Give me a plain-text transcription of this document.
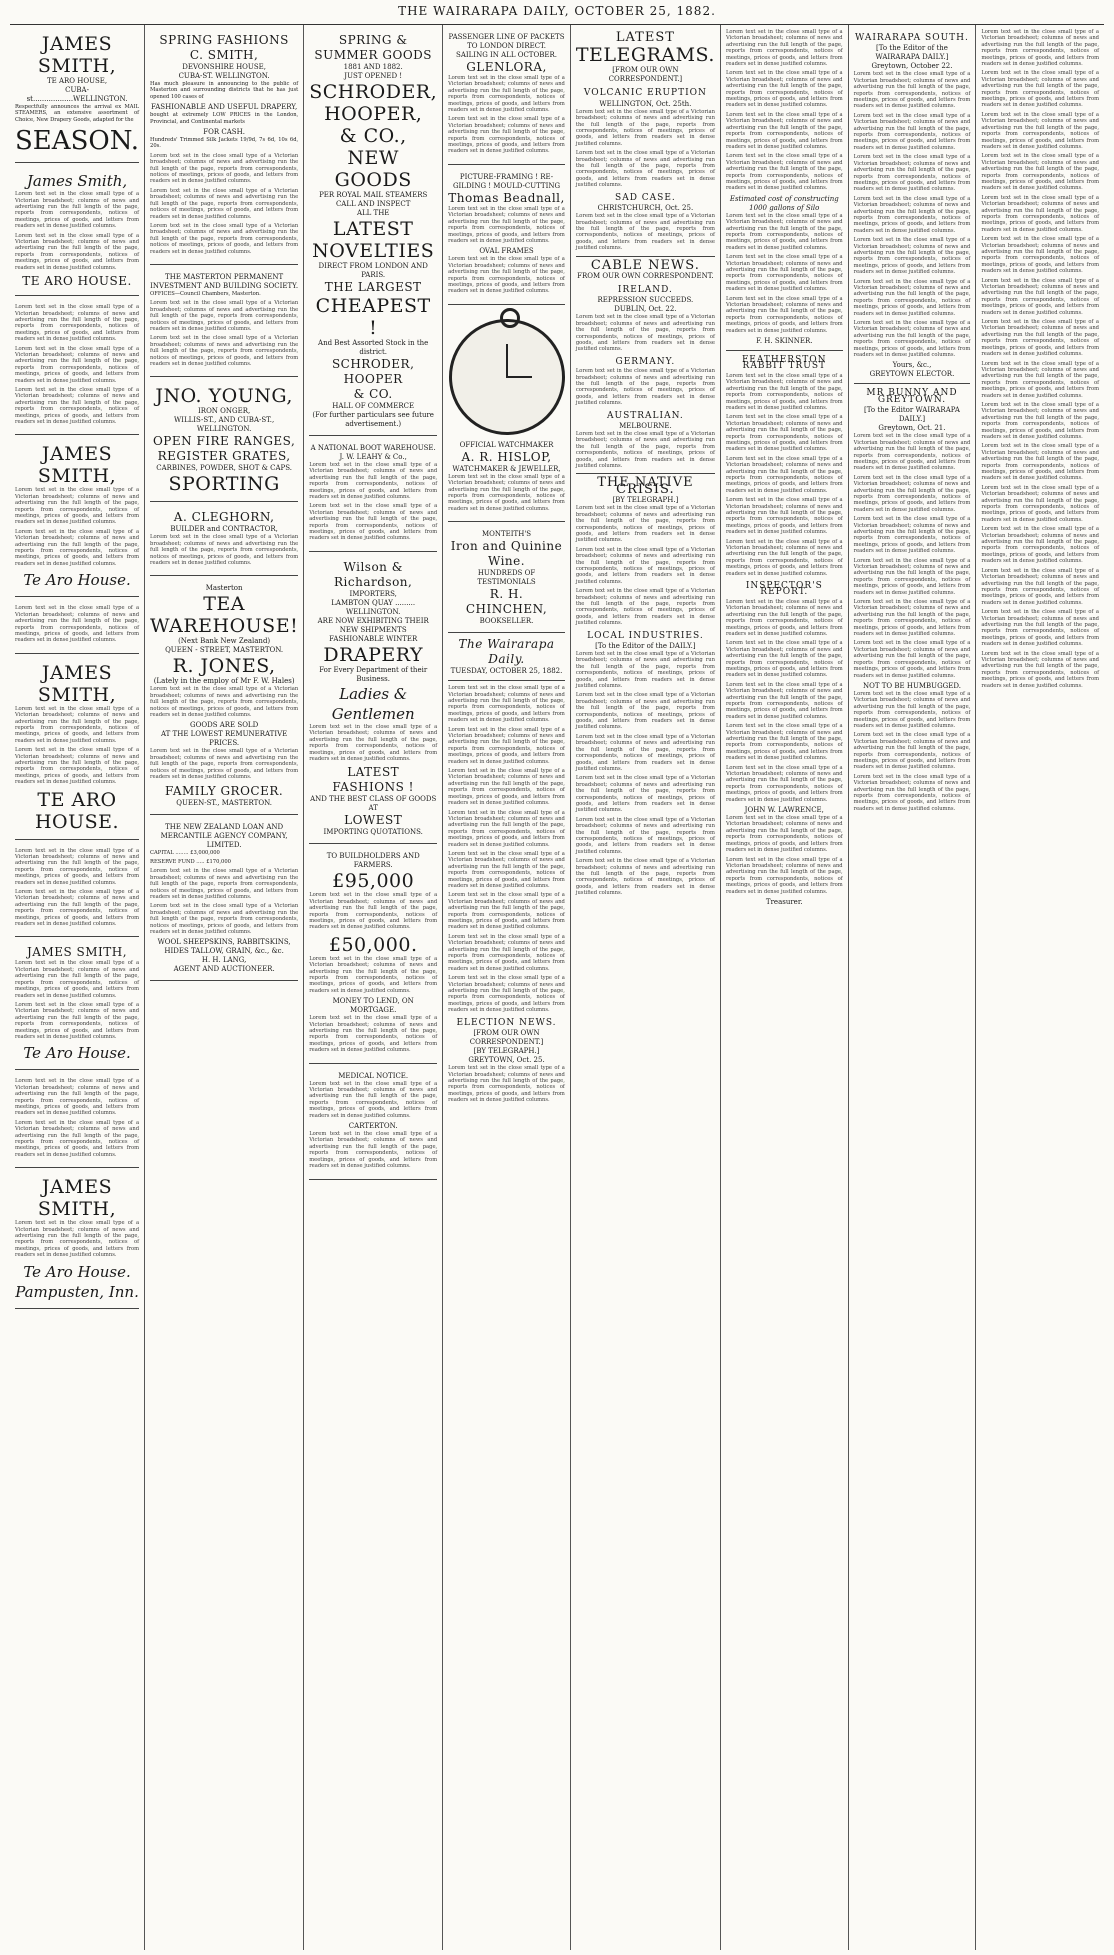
THE WAIRARAPA DAILY, OCTOBER 25, 1882.
JAMES SMITH,
TE ARO HOUSE,
CUBA-st..................WELLINGTON.

Respectfully announces the arrival ex MAIL STEAMERS, an extensive assortment of Choice, New Drapery Goods, adapted for the

SEASON.
James Smith,

Lorem text set in the close small type of a Victorian broadsheet; columns of news and advertising run the full length of the page, reports from correspondents, notices of meetings, prices of goods, and letters from readers set in dense justified columns.

Lorem text set in the close small type of a Victorian broadsheet; columns of news and advertising run the full length of the page, reports from correspondents, notices of meetings, prices of goods, and letters from readers set in dense justified columns.

TE ARO HOUSE.

Lorem text set in the close small type of a Victorian broadsheet; columns of news and advertising run the full length of the page, reports from correspondents, notices of meetings, prices of goods, and letters from readers set in dense justified columns.

Lorem text set in the close small type of a Victorian broadsheet; columns of news and advertising run the full length of the page, reports from correspondents, notices of meetings, prices of goods, and letters from readers set in dense justified columns.

Lorem text set in the close small type of a Victorian broadsheet; columns of news and advertising run the full length of the page, reports from correspondents, notices of meetings, prices of goods, and letters from readers set in dense justified columns.

JAMES SMITH,

Lorem text set in the close small type of a Victorian broadsheet; columns of news and advertising run the full length of the page, reports from correspondents, notices of meetings, prices of goods, and letters from readers set in dense justified columns.

Lorem text set in the close small type of a Victorian broadsheet; columns of news and advertising run the full length of the page, reports from correspondents, notices of meetings, prices of goods, and letters from readers set in dense justified columns.

Te Aro House.

Lorem text set in the close small type of a Victorian broadsheet; columns of news and advertising run the full length of the page, reports from correspondents, notices of meetings, prices of goods, and letters from readers set in dense justified columns.

JAMES SMITH,

Lorem text set in the close small type of a Victorian broadsheet; columns of news and advertising run the full length of the page, reports from correspondents, notices of meetings, prices of goods, and letters from readers set in dense justified columns.

Lorem text set in the close small type of a Victorian broadsheet; columns of news and advertising run the full length of the page, reports from correspondents, notices of meetings, prices of goods, and letters from readers set in dense justified columns.

TE ARO HOUSE.

Lorem text set in the close small type of a Victorian broadsheet; columns of news and advertising run the full length of the page, reports from correspondents, notices of meetings, prices of goods, and letters from readers set in dense justified columns.

Lorem text set in the close small type of a Victorian broadsheet; columns of news and advertising run the full length of the page, reports from correspondents, notices of meetings, prices of goods, and letters from readers set in dense justified columns.

JAMES SMITH,

Lorem text set in the close small type of a Victorian broadsheet; columns of news and advertising run the full length of the page, reports from correspondents, notices of meetings, prices of goods, and letters from readers set in dense justified columns.

Lorem text set in the close small type of a Victorian broadsheet; columns of news and advertising run the full length of the page, reports from correspondents, notices of meetings, prices of goods, and letters from readers set in dense justified columns.

Te Aro House.

Lorem text set in the close small type of a Victorian broadsheet; columns of news and advertising run the full length of the page, reports from correspondents, notices of meetings, prices of goods, and letters from readers set in dense justified columns.

Lorem text set in the close small type of a Victorian broadsheet; columns of news and advertising run the full length of the page, reports from correspondents, notices of meetings, prices of goods, and letters from readers set in dense justified columns.

JAMES SMITH,

Lorem text set in the close small type of a Victorian broadsheet; columns of news and advertising run the full length of the page, reports from correspondents, notices of meetings, prices of goods, and letters from readers set in dense justified columns.

Te Aro House.
Pampusten, Inn.
SPRING FASHIONS
C. SMITH,
DEVONSHIRE HOUSE,
CUBA-ST. WELLINGTON.

Has much pleasure in announcing to the public of Masterton and surrounding districts that he has just opened 100 cases of

FASHIONABLE AND USEFUL DRAPERY,

bought at extremely LOW PRICES in the London, Provincial, and Continental markets

FOR CASH.

Hundreds' Trimmed Silk Jackets 19/9d, 7s 6d, 10s 6d, 20s.

Lorem text set in the close small type of a Victorian broadsheet; columns of news and advertising run the full length of the page, reports from correspondents, notices of meetings, prices of goods, and letters from readers set in dense justified columns.

Lorem text set in the close small type of a Victorian broadsheet; columns of news and advertising run the full length of the page, reports from correspondents, notices of meetings, prices of goods, and letters from readers set in dense justified columns.

Lorem text set in the close small type of a Victorian broadsheet; columns of news and advertising run the full length of the page, reports from correspondents, notices of meetings, prices of goods, and letters from readers set in dense justified columns.

THE MASTERTON PERMANENT INVESTMENT AND BUILDING SOCIETY.

OFFICES—Council Chambers, Masterton.

Lorem text set in the close small type of a Victorian broadsheet; columns of news and advertising run the full length of the page, reports from correspondents, notices of meetings, prices of goods, and letters from readers set in dense justified columns.

Lorem text set in the close small type of a Victorian broadsheet; columns of news and advertising run the full length of the page, reports from correspondents, notices of meetings, prices of goods, and letters from readers set in dense justified columns.

JNO. YOUNG,
IRON ONGER,
WILLIS-ST., AND CUBA-ST., WELLINGTON.
OPEN FIRE RANGES,
REGISTER GRATES,
CARBINES, POWDER, SHOT & CAPS.
SPORTING
A. CLEGHORN,
BUILDER and CONTRACTOR,

Lorem text set in the close small type of a Victorian broadsheet; columns of news and advertising run the full length of the page, reports from correspondents, notices of meetings, prices of goods, and letters from readers set in dense justified columns.

Masterton
TEA WAREHOUSE!
(Next Bank New Zealand)
QUEEN - STREET, MASTERTON.
R. JONES,
(Lately in the employ of Mr F. W. Hales)

Lorem text set in the close small type of a Victorian broadsheet; columns of news and advertising run the full length of the page, reports from correspondents, notices of meetings, prices of goods, and letters from readers set in dense justified columns.

GOODS ARE SOLD
AT THE LOWEST REMUNERATIVE PRICES.

Lorem text set in the close small type of a Victorian broadsheet; columns of news and advertising run the full length of the page, reports from correspondents, notices of meetings, prices of goods, and letters from readers set in dense justified columns.

FAMILY GROCER.
QUEEN-ST., MASTERTON.
THE NEW ZEALAND LOAN AND MERCANTILE AGENCY COMPANY, LIMITED.

CAPITAL ........ £3,000,000

RESERVE FUND ..... £170,000

Lorem text set in the close small type of a Victorian broadsheet; columns of news and advertising run the full length of the page, reports from correspondents, notices of meetings, prices of goods, and letters from readers set in dense justified columns.

Lorem text set in the close small type of a Victorian broadsheet; columns of news and advertising run the full length of the page, reports from correspondents, notices of meetings, prices of goods, and letters from readers set in dense justified columns.

WOOL SHEEPSKINS, RABBITSKINS, HIDES TALLOW, GRAIN, &c., &c.
H. H. LANG,
AGENT AND AUCTIONEER.
SPRING & SUMMER GOODS
1881 AND 1882.
JUST OPENED !
SCHRODER,
HOOPER,
& CO.,
NEW GOODS
PER ROYAL MAIL STEAMERS
CALL AND INSPECT
ALL THE
LATEST
NOVELTIES
DIRECT FROM LONDON AND PARIS.
THE LARGEST
CHEAPEST !
And Best Assorted Stock in the district.
SCHRODER,
HOOPER
& CO.
HALL OF COMMERCE
(For further particulars see future advertisement.)
A NATIONAL BOOT WAREHOUSE.
J. W. LEAHY & Co.,

Lorem text set in the close small type of a Victorian broadsheet; columns of news and advertising run the full length of the page, reports from correspondents, notices of meetings, prices of goods, and letters from readers set in dense justified columns.

Lorem text set in the close small type of a Victorian broadsheet; columns of news and advertising run the full length of the page, reports from correspondents, notices of meetings, prices of goods, and letters from readers set in dense justified columns.

Wilson & Richardson,
IMPORTERS,
LAMBTON QUAY ......... WELLINGTON.
ARE NOW EXHIBITING THEIR NEW SHIPMENTS
FASHIONABLE WINTER
DRAPERY
For Every Department of their Business.
Ladies & Gentlemen

Lorem text set in the close small type of a Victorian broadsheet; columns of news and advertising run the full length of the page, reports from correspondents, notices of meetings, prices of goods, and letters from readers set in dense justified columns.

LATEST FASHIONS !
AND THE BEST CLASS OF GOODS AT
LOWEST
IMPORTING QUOTATIONS.
TO BUILDHOLDERS AND FARMERS.
£95,000

Lorem text set in the close small type of a Victorian broadsheet; columns of news and advertising run the full length of the page, reports from correspondents, notices of meetings, prices of goods, and letters from readers set in dense justified columns.

£50,000.

Lorem text set in the close small type of a Victorian broadsheet; columns of news and advertising run the full length of the page, reports from correspondents, notices of meetings, prices of goods, and letters from readers set in dense justified columns.

MONEY TO LEND, ON MORTGAGE.

Lorem text set in the close small type of a Victorian broadsheet; columns of news and advertising run the full length of the page, reports from correspondents, notices of meetings, prices of goods, and letters from readers set in dense justified columns.

MEDICAL NOTICE.

Lorem text set in the close small type of a Victorian broadsheet; columns of news and advertising run the full length of the page, reports from correspondents, notices of meetings, prices of goods, and letters from readers set in dense justified columns.

CARTERTON.

Lorem text set in the close small type of a Victorian broadsheet; columns of news and advertising run the full length of the page, reports from correspondents, notices of meetings, prices of goods, and letters from readers set in dense justified columns.

PASSENGER LINE OF PACKETS TO LONDON DIRECT.
SAILING IN ALL OCTOBER.
GLENLORA,

Lorem text set in the close small type of a Victorian broadsheet; columns of news and advertising run the full length of the page, reports from correspondents, notices of meetings, prices of goods, and letters from readers set in dense justified columns.

Lorem text set in the close small type of a Victorian broadsheet; columns of news and advertising run the full length of the page, reports from correspondents, notices of meetings, prices of goods, and letters from readers set in dense justified columns.

PICTURE-FRAMING ! RE-GILDING ! MOULD-CUTTING
Thomas Beadnall,

Lorem text set in the close small type of a Victorian broadsheet; columns of news and advertising run the full length of the page, reports from correspondents, notices of meetings, prices of goods, and letters from readers set in dense justified columns.

OVAL FRAMES

Lorem text set in the close small type of a Victorian broadsheet; columns of news and advertising run the full length of the page, reports from correspondents, notices of meetings, prices of goods, and letters from readers set in dense justified columns.

OFFICIAL WATCHMAKER
A. R. HISLOP,
WATCHMAKER & JEWELLER,

Lorem text set in the close small type of a Victorian broadsheet; columns of news and advertising run the full length of the page, reports from correspondents, notices of meetings, prices of goods, and letters from readers set in dense justified columns.

MONTEITH'S
Iron and Quinine Wine.
HUNDREDS OF TESTIMONIALS
R. H. CHINCHEN,
BOOKSELLER.
The Wairarapa Daily.
TUESDAY, OCTOBER 25, 1882.

Lorem text set in the close small type of a Victorian broadsheet; columns of news and advertising run the full length of the page, reports from correspondents, notices of meetings, prices of goods, and letters from readers set in dense justified columns.

Lorem text set in the close small type of a Victorian broadsheet; columns of news and advertising run the full length of the page, reports from correspondents, notices of meetings, prices of goods, and letters from readers set in dense justified columns.

Lorem text set in the close small type of a Victorian broadsheet; columns of news and advertising run the full length of the page, reports from correspondents, notices of meetings, prices of goods, and letters from readers set in dense justified columns.

Lorem text set in the close small type of a Victorian broadsheet; columns of news and advertising run the full length of the page, reports from correspondents, notices of meetings, prices of goods, and letters from readers set in dense justified columns.

Lorem text set in the close small type of a Victorian broadsheet; columns of news and advertising run the full length of the page, reports from correspondents, notices of meetings, prices of goods, and letters from readers set in dense justified columns.

Lorem text set in the close small type of a Victorian broadsheet; columns of news and advertising run the full length of the page, reports from correspondents, notices of meetings, prices of goods, and letters from readers set in dense justified columns.

Lorem text set in the close small type of a Victorian broadsheet; columns of news and advertising run the full length of the page, reports from correspondents, notices of meetings, prices of goods, and letters from readers set in dense justified columns.

Lorem text set in the close small type of a Victorian broadsheet; columns of news and advertising run the full length of the page, reports from correspondents, notices of meetings, prices of goods, and letters from readers set in dense justified columns.

ELECTION NEWS.
[FROM OUR OWN CORRESPONDENT.]
[BY TELEGRAPH.]
GREYTOWN, Oct. 25.

Lorem text set in the close small type of a Victorian broadsheet; columns of news and advertising run the full length of the page, reports from correspondents, notices of meetings, prices of goods, and letters from readers set in dense justified columns.

LATEST
TELEGRAMS.
[FROM OUR OWN CORRESPONDENT.]
VOLCANIC ERUPTION
WELLINGTON, Oct. 25th.

Lorem text set in the close small type of a Victorian broadsheet; columns of news and advertising run the full length of the page, reports from correspondents, notices of meetings, prices of goods, and letters from readers set in dense justified columns.

Lorem text set in the close small type of a Victorian broadsheet; columns of news and advertising run the full length of the page, reports from correspondents, notices of meetings, prices of goods, and letters from readers set in dense justified columns.

SAD CASE.
CHRISTCHURCH, Oct. 25.

Lorem text set in the close small type of a Victorian broadsheet; columns of news and advertising run the full length of the page, reports from correspondents, notices of meetings, prices of goods, and letters from readers set in dense justified columns.

CABLE NEWS.
FROM OUR OWN CORRESPONDENT.
IRELAND.
REPRESSION SUCCEEDS.
DUBLIN, Oct. 22.

Lorem text set in the close small type of a Victorian broadsheet; columns of news and advertising run the full length of the page, reports from correspondents, notices of meetings, prices of goods, and letters from readers set in dense justified columns.

GERMANY.

Lorem text set in the close small type of a Victorian broadsheet; columns of news and advertising run the full length of the page, reports from correspondents, notices of meetings, prices of goods, and letters from readers set in dense justified columns.

AUSTRALIAN.
MELBOURNE.

Lorem text set in the close small type of a Victorian broadsheet; columns of news and advertising run the full length of the page, reports from correspondents, notices of meetings, prices of goods, and letters from readers set in dense justified columns.

THE NATIVE CRISIS.
[BY TELEGRAPH.]

Lorem text set in the close small type of a Victorian broadsheet; columns of news and advertising run the full length of the page, reports from correspondents, notices of meetings, prices of goods, and letters from readers set in dense justified columns.

Lorem text set in the close small type of a Victorian broadsheet; columns of news and advertising run the full length of the page, reports from correspondents, notices of meetings, prices of goods, and letters from readers set in dense justified columns.

Lorem text set in the close small type of a Victorian broadsheet; columns of news and advertising run the full length of the page, reports from correspondents, notices of meetings, prices of goods, and letters from readers set in dense justified columns.

LOCAL INDUSTRIES.
[To the Editor of the DAILY.]

Lorem text set in the close small type of a Victorian broadsheet; columns of news and advertising run the full length of the page, reports from correspondents, notices of meetings, prices of goods, and letters from readers set in dense justified columns.

Lorem text set in the close small type of a Victorian broadsheet; columns of news and advertising run the full length of the page, reports from correspondents, notices of meetings, prices of goods, and letters from readers set in dense justified columns.

Lorem text set in the close small type of a Victorian broadsheet; columns of news and advertising run the full length of the page, reports from correspondents, notices of meetings, prices of goods, and letters from readers set in dense justified columns.

Lorem text set in the close small type of a Victorian broadsheet; columns of news and advertising run the full length of the page, reports from correspondents, notices of meetings, prices of goods, and letters from readers set in dense justified columns.

Lorem text set in the close small type of a Victorian broadsheet; columns of news and advertising run the full length of the page, reports from correspondents, notices of meetings, prices of goods, and letters from readers set in dense justified columns.

Lorem text set in the close small type of a Victorian broadsheet; columns of news and advertising run the full length of the page, reports from correspondents, notices of meetings, prices of goods, and letters from readers set in dense justified columns.

Lorem text set in the close small type of a Victorian broadsheet; columns of news and advertising run the full length of the page, reports from correspondents, notices of meetings, prices of goods, and letters from readers set in dense justified columns.

Lorem text set in the close small type of a Victorian broadsheet; columns of news and advertising run the full length of the page, reports from correspondents, notices of meetings, prices of goods, and letters from readers set in dense justified columns.

Lorem text set in the close small type of a Victorian broadsheet; columns of news and advertising run the full length of the page, reports from correspondents, notices of meetings, prices of goods, and letters from readers set in dense justified columns.

Lorem text set in the close small type of a Victorian broadsheet; columns of news and advertising run the full length of the page, reports from correspondents, notices of meetings, prices of goods, and letters from readers set in dense justified columns.

Estimated cost of constructing 1000 gallons of Silo

Lorem text set in the close small type of a Victorian broadsheet; columns of news and advertising run the full length of the page, reports from correspondents, notices of meetings, prices of goods, and letters from readers set in dense justified columns.

Lorem text set in the close small type of a Victorian broadsheet; columns of news and advertising run the full length of the page, reports from correspondents, notices of meetings, prices of goods, and letters from readers set in dense justified columns.

Lorem text set in the close small type of a Victorian broadsheet; columns of news and advertising run the full length of the page, reports from correspondents, notices of meetings, prices of goods, and letters from readers set in dense justified columns.

F. H. SKINNER.
FEATHERSTON RABBIT TRUST

Lorem text set in the close small type of a Victorian broadsheet; columns of news and advertising run the full length of the page, reports from correspondents, notices of meetings, prices of goods, and letters from readers set in dense justified columns.

Lorem text set in the close small type of a Victorian broadsheet; columns of news and advertising run the full length of the page, reports from correspondents, notices of meetings, prices of goods, and letters from readers set in dense justified columns.

Lorem text set in the close small type of a Victorian broadsheet; columns of news and advertising run the full length of the page, reports from correspondents, notices of meetings, prices of goods, and letters from readers set in dense justified columns.

Lorem text set in the close small type of a Victorian broadsheet; columns of news and advertising run the full length of the page, reports from correspondents, notices of meetings, prices of goods, and letters from readers set in dense justified columns.

Lorem text set in the close small type of a Victorian broadsheet; columns of news and advertising run the full length of the page, reports from correspondents, notices of meetings, prices of goods, and letters from readers set in dense justified columns.

INSPECTOR'S REPORT.

Lorem text set in the close small type of a Victorian broadsheet; columns of news and advertising run the full length of the page, reports from correspondents, notices of meetings, prices of goods, and letters from readers set in dense justified columns.

Lorem text set in the close small type of a Victorian broadsheet; columns of news and advertising run the full length of the page, reports from correspondents, notices of meetings, prices of goods, and letters from readers set in dense justified columns.

Lorem text set in the close small type of a Victorian broadsheet; columns of news and advertising run the full length of the page, reports from correspondents, notices of meetings, prices of goods, and letters from readers set in dense justified columns.

Lorem text set in the close small type of a Victorian broadsheet; columns of news and advertising run the full length of the page, reports from correspondents, notices of meetings, prices of goods, and letters from readers set in dense justified columns.

Lorem text set in the close small type of a Victorian broadsheet; columns of news and advertising run the full length of the page, reports from correspondents, notices of meetings, prices of goods, and letters from readers set in dense justified columns.

JOHN W. LAWRENCE,

Lorem text set in the close small type of a Victorian broadsheet; columns of news and advertising run the full length of the page, reports from correspondents, notices of meetings, prices of goods, and letters from readers set in dense justified columns.

Lorem text set in the close small type of a Victorian broadsheet; columns of news and advertising run the full length of the page, reports from correspondents, notices of meetings, prices of goods, and letters from readers set in dense justified columns.

Treasurer.
WAIRARAPA SOUTH.
[To the Editor of the WAIRARAPA DAILY.]
Greytown, October 22.

Lorem text set in the close small type of a Victorian broadsheet; columns of news and advertising run the full length of the page, reports from correspondents, notices of meetings, prices of goods, and letters from readers set in dense justified columns.

Lorem text set in the close small type of a Victorian broadsheet; columns of news and advertising run the full length of the page, reports from correspondents, notices of meetings, prices of goods, and letters from readers set in dense justified columns.

Lorem text set in the close small type of a Victorian broadsheet; columns of news and advertising run the full length of the page, reports from correspondents, notices of meetings, prices of goods, and letters from readers set in dense justified columns.

Lorem text set in the close small type of a Victorian broadsheet; columns of news and advertising run the full length of the page, reports from correspondents, notices of meetings, prices of goods, and letters from readers set in dense justified columns.

Lorem text set in the close small type of a Victorian broadsheet; columns of news and advertising run the full length of the page, reports from correspondents, notices of meetings, prices of goods, and letters from readers set in dense justified columns.

Lorem text set in the close small type of a Victorian broadsheet; columns of news and advertising run the full length of the page, reports from correspondents, notices of meetings, prices of goods, and letters from readers set in dense justified columns.

Lorem text set in the close small type of a Victorian broadsheet; columns of news and advertising run the full length of the page, reports from correspondents, notices of meetings, prices of goods, and letters from readers set in dense justified columns.

Yours, &c.,
GREYTOWN ELECTOR.
MR BUNNY AND GREYTOWN.
[To the Editor WAIRARAPA DAILY.]
Greytown, Oct. 21.

Lorem text set in the close small type of a Victorian broadsheet; columns of news and advertising run the full length of the page, reports from correspondents, notices of meetings, prices of goods, and letters from readers set in dense justified columns.

Lorem text set in the close small type of a Victorian broadsheet; columns of news and advertising run the full length of the page, reports from correspondents, notices of meetings, prices of goods, and letters from readers set in dense justified columns.

Lorem text set in the close small type of a Victorian broadsheet; columns of news and advertising run the full length of the page, reports from correspondents, notices of meetings, prices of goods, and letters from readers set in dense justified columns.

Lorem text set in the close small type of a Victorian broadsheet; columns of news and advertising run the full length of the page, reports from correspondents, notices of meetings, prices of goods, and letters from readers set in dense justified columns.

Lorem text set in the close small type of a Victorian broadsheet; columns of news and advertising run the full length of the page, reports from correspondents, notices of meetings, prices of goods, and letters from readers set in dense justified columns.

Lorem text set in the close small type of a Victorian broadsheet; columns of news and advertising run the full length of the page, reports from correspondents, notices of meetings, prices of goods, and letters from readers set in dense justified columns.

NOT TO BE HUMBUGGED.

Lorem text set in the close small type of a Victorian broadsheet; columns of news and advertising run the full length of the page, reports from correspondents, notices of meetings, prices of goods, and letters from readers set in dense justified columns.

Lorem text set in the close small type of a Victorian broadsheet; columns of news and advertising run the full length of the page, reports from correspondents, notices of meetings, prices of goods, and letters from readers set in dense justified columns.

Lorem text set in the close small type of a Victorian broadsheet; columns of news and advertising run the full length of the page, reports from correspondents, notices of meetings, prices of goods, and letters from readers set in dense justified columns.

Lorem text set in the close small type of a Victorian broadsheet; columns of news and advertising run the full length of the page, reports from correspondents, notices of meetings, prices of goods, and letters from readers set in dense justified columns.

Lorem text set in the close small type of a Victorian broadsheet; columns of news and advertising run the full length of the page, reports from correspondents, notices of meetings, prices of goods, and letters from readers set in dense justified columns.

Lorem text set in the close small type of a Victorian broadsheet; columns of news and advertising run the full length of the page, reports from correspondents, notices of meetings, prices of goods, and letters from readers set in dense justified columns.

Lorem text set in the close small type of a Victorian broadsheet; columns of news and advertising run the full length of the page, reports from correspondents, notices of meetings, prices of goods, and letters from readers set in dense justified columns.

Lorem text set in the close small type of a Victorian broadsheet; columns of news and advertising run the full length of the page, reports from correspondents, notices of meetings, prices of goods, and letters from readers set in dense justified columns.

Lorem text set in the close small type of a Victorian broadsheet; columns of news and advertising run the full length of the page, reports from correspondents, notices of meetings, prices of goods, and letters from readers set in dense justified columns.

Lorem text set in the close small type of a Victorian broadsheet; columns of news and advertising run the full length of the page, reports from correspondents, notices of meetings, prices of goods, and letters from readers set in dense justified columns.

Lorem text set in the close small type of a Victorian broadsheet; columns of news and advertising run the full length of the page, reports from correspondents, notices of meetings, prices of goods, and letters from readers set in dense justified columns.

Lorem text set in the close small type of a Victorian broadsheet; columns of news and advertising run the full length of the page, reports from correspondents, notices of meetings, prices of goods, and letters from readers set in dense justified columns.

Lorem text set in the close small type of a Victorian broadsheet; columns of news and advertising run the full length of the page, reports from correspondents, notices of meetings, prices of goods, and letters from readers set in dense justified columns.

Lorem text set in the close small type of a Victorian broadsheet; columns of news and advertising run the full length of the page, reports from correspondents, notices of meetings, prices of goods, and letters from readers set in dense justified columns.

Lorem text set in the close small type of a Victorian broadsheet; columns of news and advertising run the full length of the page, reports from correspondents, notices of meetings, prices of goods, and letters from readers set in dense justified columns.

Lorem text set in the close small type of a Victorian broadsheet; columns of news and advertising run the full length of the page, reports from correspondents, notices of meetings, prices of goods, and letters from readers set in dense justified columns.

Lorem text set in the close small type of a Victorian broadsheet; columns of news and advertising run the full length of the page, reports from correspondents, notices of meetings, prices of goods, and letters from readers set in dense justified columns.

Lorem text set in the close small type of a Victorian broadsheet; columns of news and advertising run the full length of the page, reports from correspondents, notices of meetings, prices of goods, and letters from readers set in dense justified columns.

Lorem text set in the close small type of a Victorian broadsheet; columns of news and advertising run the full length of the page, reports from correspondents, notices of meetings, prices of goods, and letters from readers set in dense justified columns.
